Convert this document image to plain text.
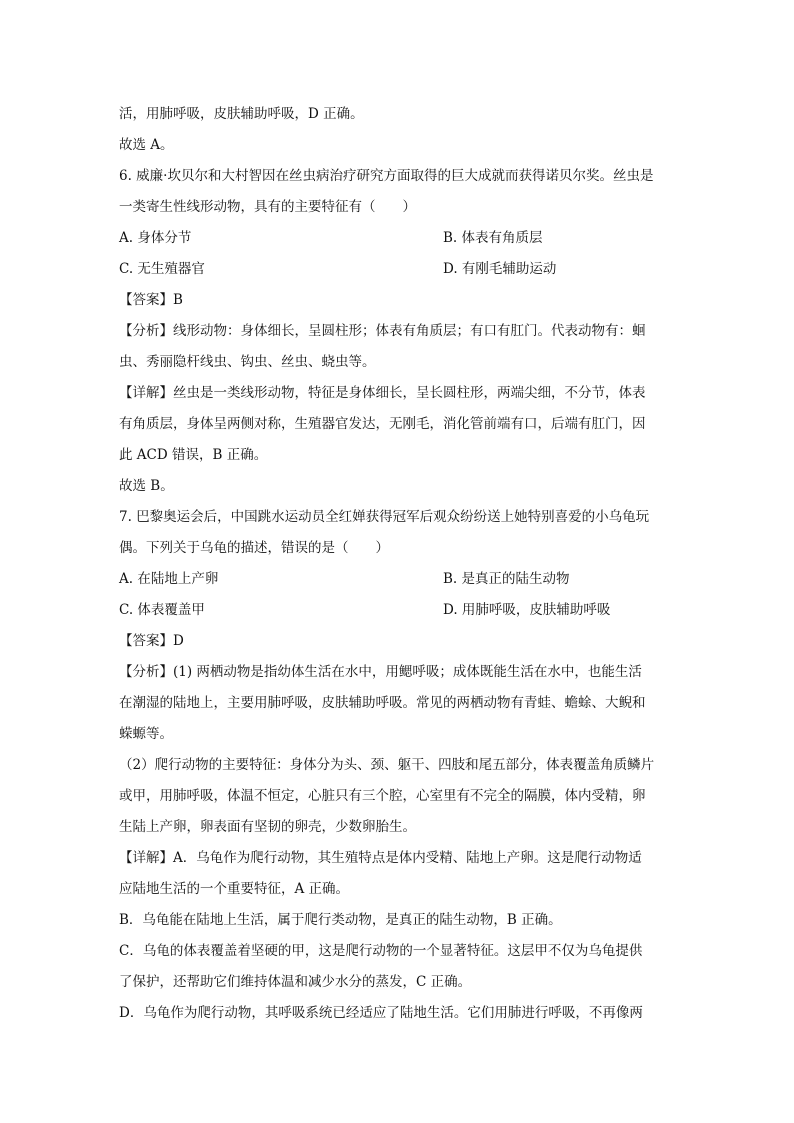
活，用肺呼吸，皮肤辅助呼吸，D 正确。
故选 A。
6. 威廉·坎贝尔和大村智因在丝虫病治疗研究方面取得的巨大成就而获得诺贝尔奖。丝虫是
一类寄生性线形动物，具有的主要特征有（　　）
A. 身体分节	B. 体表有角质层
C. 无生殖器官	D. 有刚毛辅助运动
【答案】B
【分析】线形动物：身体细长，呈圆柱形；体表有角质层；有口有肛门。代表动物有：蛔
虫、秀丽隐杆线虫、钩虫、丝虫、蛲虫等。
【详解】丝虫是一类线形动物，特征是身体细长，呈长圆柱形，两端尖细，不分节，体表
有角质层，身体呈两侧对称，生殖器官发达，无刚毛，消化管前端有口，后端有肛门，因
此 ACD 错误，B 正确。
故选 B。
7. 巴黎奥运会后，中国跳水运动员全红婵获得冠军后观众纷纷送上她特别喜爱的小乌龟玩
偶。下列关于乌龟的描述，错误的是（　　）
A. 在陆地上产卵	B. 是真正的陆生动物
C. 体表覆盖甲	D. 用肺呼吸，皮肤辅助呼吸
【答案】D
【分析】(1) 两栖动物是指幼体生活在水中，用鳃呼吸；成体既能生活在水中，也能生活
在潮湿的陆地上，主要用肺呼吸，皮肤辅助呼吸。常见的两栖动物有青蛙、蟾蜍、大鲵和
蝾螈等。
（2）爬行动物的主要特征：身体分为头、颈、躯干、四肢和尾五部分，体表覆盖角质鳞片
或甲，用肺呼吸，体温不恒定，心脏只有三个腔，心室里有不完全的隔膜，体内受精，卵
生陆上产卵，卵表面有坚韧的卵壳，少数卵胎生。
【详解】A．乌龟作为爬行动物，其生殖特点是体内受精、陆地上产卵。这是爬行动物适
应陆地生活的一个重要特征，A 正确。
B．乌龟能在陆地上生活，属于爬行类动物，是真正的陆生动物，B 正确。
C．乌龟的体表覆盖着坚硬的甲，这是爬行动物的一个显著特征。这层甲不仅为乌龟提供
了保护，还帮助它们维持体温和减少水分的蒸发，C 正确。
D．乌龟作为爬行动物，其呼吸系统已经适应了陆地生活。它们用肺进行呼吸，不再像两
